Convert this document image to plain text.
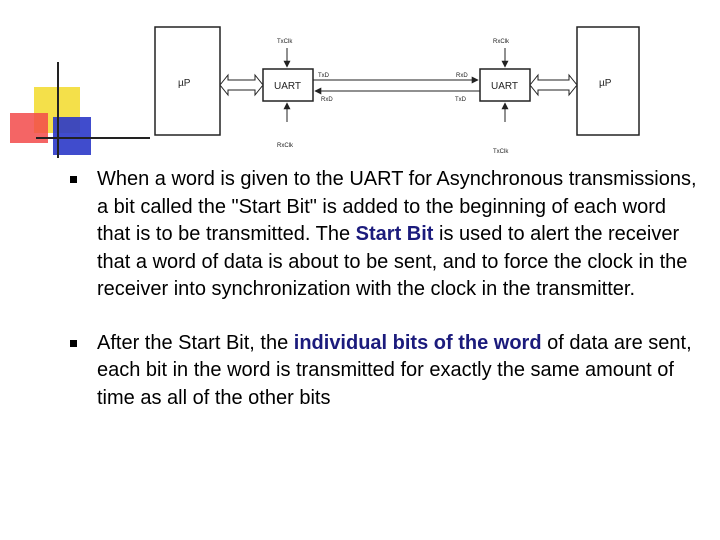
µP	µP
UART	UART
TxD
RxD
RxD
TxD
TxClk
RxClk
RxClk
TxClk
When a word is given to the UART for Asynchronous transmissions, a bit called the "Start Bit" is added to the beginning of each word that is to be transmitted. The Start Bit is used to alert the receiver that a word of data is about to be sent, and to force the clock in the receiver into synchronization with the clock in the transmitter.
After the Start Bit, the individual bits of the word of data are sent, each bit in the word is transmitted for exactly the same amount of time as all of the other bits
